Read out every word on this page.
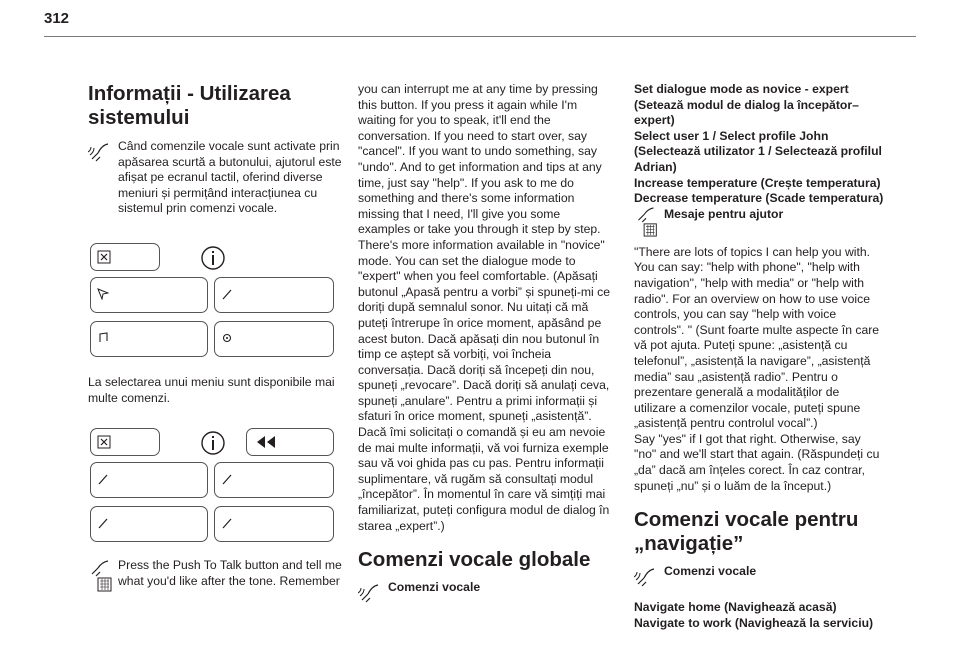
312
Informații - Utilizarea sistemului

Când comenzile vocale sunt activate prin apăsarea scurtă a butonului, ajutorul este afișat pe ecranul tactil, oferind diverse meniuri și permițând interacțiunea cu sistemul prin comenzi vocale.

La selectarea unui meniu sunt disponibile mai multe comenzi.

Press the Push To Talk button and tell me what you'd like after the tone. Remember

you can interrupt me at any time by pressing this button. If you press it again while I'm waiting for you to speak, it'll end the conversation. If you need to start over, say "cancel". If you want to undo something, say "undo". And to get information and tips at any time, just say "help". If you ask to me do something and there's some information missing that I need, I'll give you some examples or take you through it step by step. There's more information available in "novice" mode. You can set the dialogue mode to "expert" when you feel comfortable. (Apăsați butonul „Apasă pentru a vorbi” și spuneți-mi ce doriți după semnalul sonor. Nu uitați că mă puteți întrerupe în orice moment, apăsând pe acest buton. Dacă apăsați din nou butonul în timp ce aștept să vorbiți, voi încheia conversația. Dacă doriți să începeți din nou, spuneți „revocare”. Dacă doriți să anulați ceva, spuneți „anulare”. Pentru a primi informații și sfaturi în orice moment, spuneți „asistență”. Dacă îmi solicitați o comandă și eu am nevoie de mai multe informații, vă voi furniza exemple sau vă voi ghida pas cu pas. Pentru informații suplimentare, vă rugăm să consultați modul „începător”. În momentul în care vă simțiți mai familiarizat, puteți configura modul de dialog în starea „expert”.)

Comenzi vocale globale
Comenzi vocale
Set dialogue mode as novice - expert (Setează modul de dialog la începător– expert)
Select user 1 / Select profile John (Selectează utilizator 1 / Selectează profilul Adrian)
Increase temperature (Crește temperatura)
Decrease temperature (Scade temperatura)
Mesaje pentru ajutor

"There are lots of topics I can help you with. You can say: "help with phone", "help with navigation", "help with media" or "help with radio". For an overview on how to use voice controls, you can say "help with voice controls". " (Sunt foarte multe aspecte în care vă pot ajuta. Puteți spune: „asistență cu telefonul”, „asistență la navigare”, „asistență media” sau „asistență radio”. Pentru o prezentare generală a modalităților de utilizare a comenzilor vocale, puteți spune „asistență pentru controlul vocal”.)

Say "yes" if I got that right. Otherwise, say "no" and we'll start that again. (Răspundeți cu „da” dacă am înțeles corect. În caz contrar, spuneți „nu” și o luăm de la început.)

Comenzi vocale pentru „navigație”
Comenzi vocale
Navigate home (Navighează acasă)
Navigate to work (Navighează la serviciu)
